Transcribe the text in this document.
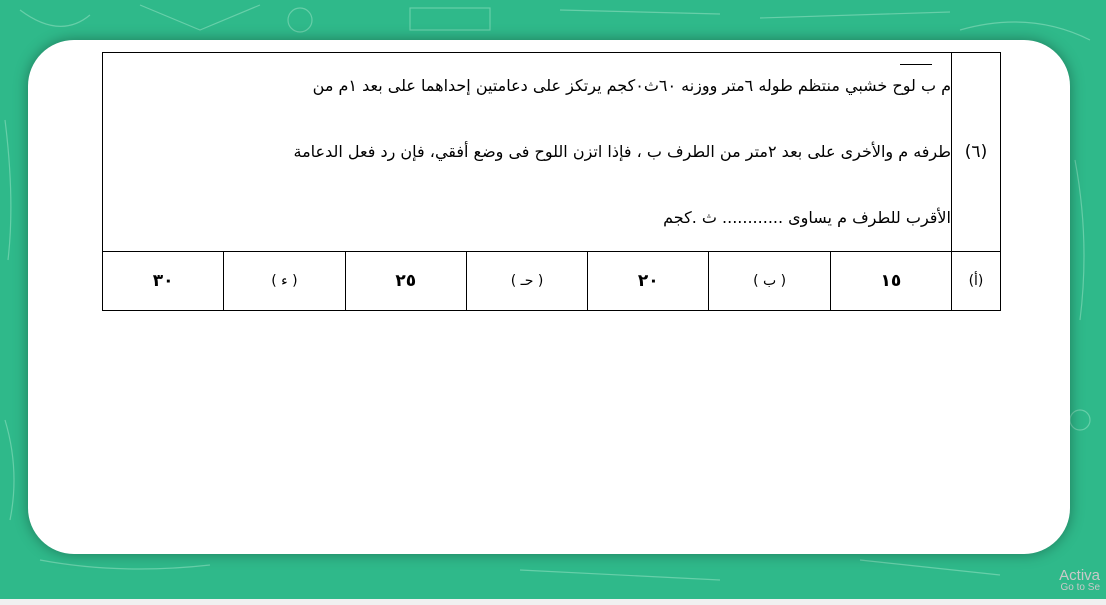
(٦)	م ب لوح خشبي منتظم طوله ٦متر ووزنه ٦٠ث٠كجم يرتكز على دعامتين إحداهما على بعد ١م من
طرفه م والأخرى على بعد ٢متر من الطرف ب ، فإذا اتزن اللوح فى وضع أفقي، فإن رد فعل الدعامة
الأقرب للطرف م يساوى ............ ث .كجم						

(أ)	١٥	( ب )	٢٠	( حـ )	٢٥	( ء )	٣٠
Activa
Go to Se
